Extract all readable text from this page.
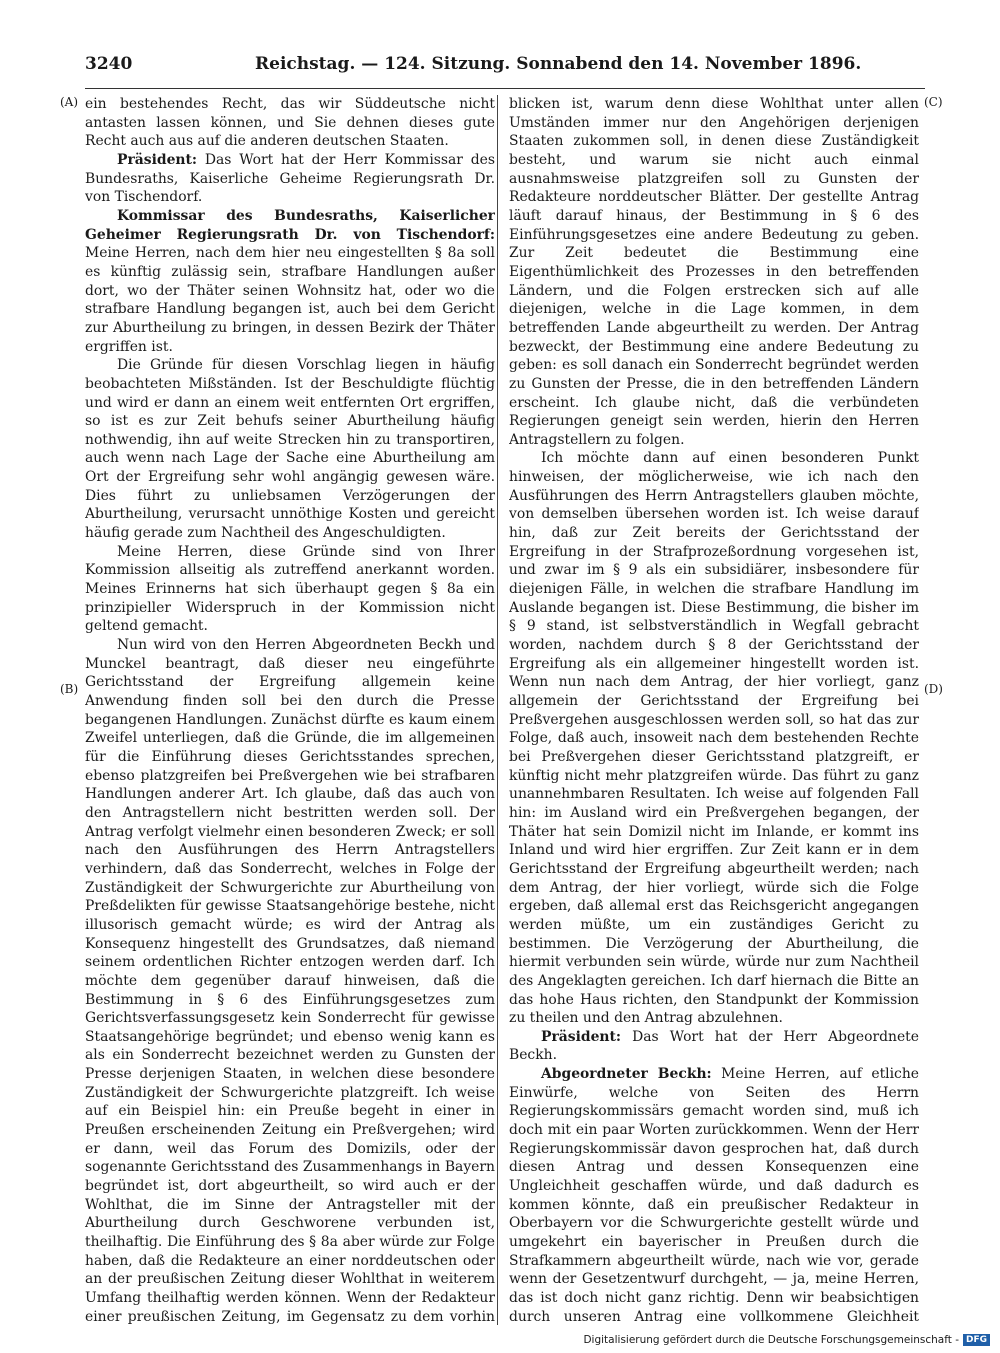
3240	Reichstag. — 124. Sitzung. Sonnabend den 14. November 1896.
(A)
(B)
(C)
(D)

ein bestehendes Recht, das wir Süddeutsche nicht antasten lassen können, und Sie dehnen dieses gute Recht auch aus auf die anderen deutschen Staaten.

Präsident: Das Wort hat der Herr Kommissar des Bundesraths, Kaiserliche Geheime Regierungsrath Dr. von Tischendorf.

Kommissar des Bundesraths, Kaiserlicher Geheimer Regierungsrath Dr. von Tischendorf: Meine Herren, nach dem hier neu eingestellten § 8a soll es künftig zulässig sein, strafbare Handlungen außer dort, wo der Thäter seinen Wohnsitz hat, oder wo die strafbare Handlung begangen ist, auch bei dem Gericht zur Aburtheilung zu bringen, in dessen Bezirk der Thäter ergriffen ist.

Die Gründe für diesen Vorschlag liegen in häufig beobachteten Mißständen. Ist der Beschuldigte flüchtig und wird er dann an einem weit entfernten Ort ergriffen, so ist es zur Zeit behufs seiner Aburtheilung häufig nothwendig, ihn auf weite Strecken hin zu transportiren, auch wenn nach Lage der Sache eine Aburtheilung am Ort der Ergreifung sehr wohl angängig gewesen wäre. Dies führt zu unliebsamen Verzögerungen der Aburtheilung, verursacht unnöthige Kosten und gereicht häufig gerade zum Nachtheil des Angeschuldigten.

Meine Herren, diese Gründe sind von Ihrer Kommission allseitig als zutreffend anerkannt worden. Meines Erinnerns hat sich überhaupt gegen § 8a ein prinzipieller Widerspruch in der Kommission nicht geltend gemacht.

Nun wird von den Herren Abgeordneten Beckh und Munckel beantragt, daß dieser neu eingeführte Gerichtsstand der Ergreifung allgemein keine Anwendung finden soll bei den durch die Presse begangenen Handlungen. Zunächst dürfte es kaum einem Zweifel unterliegen, daß die Gründe, die im allgemeinen für die Einführung dieses Gerichtsstandes sprechen, ebenso platzgreifen bei Preßvergehen wie bei strafbaren Handlungen anderer Art. Ich glaube, daß das auch von den Antragstellern nicht bestritten werden soll. Der Antrag verfolgt vielmehr einen besonderen Zweck; er soll nach den Ausführungen des Herrn Antragstellers verhindern, daß das Sonderrecht, welches in Folge der Zuständigkeit der Schwurgerichte zur Aburtheilung von Preßdelikten für gewisse Staatsangehörige bestehe, nicht illusorisch gemacht würde; es wird der Antrag als Konsequenz hingestellt des Grundsatzes, daß niemand seinem ordentlichen Richter entzogen werden darf. Ich möchte dem gegenüber darauf hinweisen, daß die Bestimmung in § 6 des Einführungsgesetzes zum Gerichtsverfassungsgesetz kein Sonderrecht für gewisse Staatsangehörige begründet; und ebenso wenig kann es als ein Sonderrecht bezeichnet werden zu Gunsten der Presse derjenigen Staaten, in welchen diese besondere Zuständigkeit der Schwurgerichte platzgreift. Ich weise auf ein Beispiel hin: ein Preuße begeht in einer in Preußen erscheinenden Zeitung ein Preßvergehen; wird er dann, weil das Forum des Domizils, oder der sogenannte Gerichtsstand des Zusammenhangs in Bayern begründet ist, dort abgeurtheilt, so wird auch er der Wohlthat, die im Sinne der Antragsteller mit der Aburtheilung durch Geschworene verbunden ist, theilhaftig. Die Einführung des § 8a aber würde zur Folge haben, daß die Redakteure an einer norddeutschen oder an der preußischen Zeitung dieser Wohlthat in weiterem Umfang theilhaftig werden können. Wenn der Redakteur einer preußischen Zeitung, im Gegensatz zu dem vorhin

blicken ist, warum denn diese Wohlthat unter allen Umständen immer nur den Angehörigen derjenigen Staaten zukommen soll, in denen diese Zuständigkeit besteht, und warum sie nicht auch einmal ausnahmsweise platzgreifen soll zu Gunsten der Redakteure norddeutscher Blätter. Der gestellte Antrag läuft darauf hinaus, der Bestimmung in § 6 des Einführungsgesetzes eine andere Bedeutung zu geben. Zur Zeit bedeutet die Bestimmung eine Eigenthümlichkeit des Prozesses in den betreffenden Ländern, und die Folgen erstrecken sich auf alle diejenigen, welche in die Lage kommen, in dem betreffenden Lande abgeurtheilt zu werden. Der Antrag bezweckt, der Bestimmung eine andere Bedeutung zu geben: es soll danach ein Sonderrecht begründet werden zu Gunsten der Presse, die in den betreffenden Ländern erscheint. Ich glaube nicht, daß die verbündeten Regierungen geneigt sein werden, hierin den Herren Antragstellern zu folgen.

Ich möchte dann auf einen besonderen Punkt hinweisen, der möglicherweise, wie ich nach den Ausführungen des Herrn Antragstellers glauben möchte, von demselben übersehen worden ist. Ich weise darauf hin, daß zur Zeit bereits der Gerichtsstand der Ergreifung in der Strafprozeßordnung vorgesehen ist, und zwar im § 9 als ein subsidiärer, insbesondere für diejenigen Fälle, in welchen die strafbare Handlung im Auslande begangen ist. Diese Bestimmung, die bisher im § 9 stand, ist selbstverständlich in Wegfall gebracht worden, nachdem durch § 8 der Gerichtsstand der Ergreifung als ein allgemeiner hingestellt worden ist. Wenn nun nach dem Antrag, der hier vorliegt, ganz allgemein der Gerichtsstand der Ergreifung bei Preßvergehen ausgeschlossen werden soll, so hat das zur Folge, daß auch, insoweit nach dem bestehenden Rechte bei Preßvergehen dieser Gerichtsstand platzgreift, er künftig nicht mehr platzgreifen würde. Das führt zu ganz unannehmbaren Resultaten. Ich weise auf folgenden Fall hin: im Ausland wird ein Preßvergehen begangen, der Thäter hat sein Domizil nicht im Inlande, er kommt ins Inland und wird hier ergriffen. Zur Zeit kann er in dem Gerichtsstand der Ergreifung abgeurtheilt werden; nach dem Antrag, der hier vorliegt, würde sich die Folge ergeben, daß allemal erst das Reichsgericht angegangen werden müßte, um ein zuständiges Gericht zu bestimmen. Die Verzögerung der Aburtheilung, die hiermit verbunden sein würde, würde nur zum Nachtheil des Angeklagten gereichen. Ich darf hiernach die Bitte an das hohe Haus richten, den Standpunkt der Kommission zu theilen und den Antrag abzulehnen.

Präsident: Das Wort hat der Herr Abgeordnete Beckh.

Abgeordneter Beckh: Meine Herren, auf etliche Einwürfe, welche von Seiten des Herrn Regierungskommissärs gemacht worden sind, muß ich doch mit ein paar Worten zurückkommen. Wenn der Herr Regierungskommissär davon gesprochen hat, daß durch diesen Antrag und dessen Konsequenzen eine Ungleichheit geschaffen würde, und daß dadurch es kommen könnte, daß ein preußischer Redakteur in Oberbayern vor die Schwurgerichte gestellt würde und umgekehrt ein bayerischer in Preußen durch die Strafkammern abgeurtheilt würde, nach wie vor, gerade wenn der Gesetzentwurf durchgeht, — ja, meine Herren, das ist doch nicht ganz richtig. Denn wir beabsichtigen durch unseren Antrag eine vollkommene Gleichheit

Digitalisierung gefördert durch die Deutsche Forschungsgemeinschaft - DFG
